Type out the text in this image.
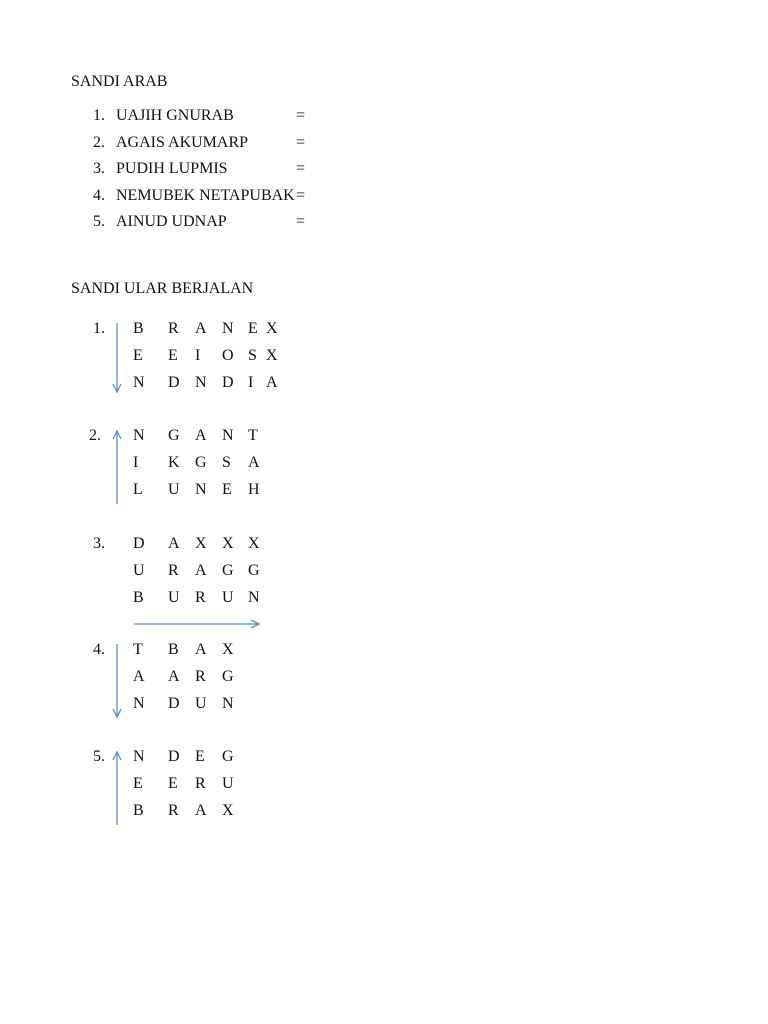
SANDI ARAB
1. UAJIH GNURAB	=
2. AGAIS AKUMARP	=
3. PUDIH LUPMIS	=
4. NEMUBEK NETAPUBAK =
5. AINUD UDNAP	=
SANDI ULAR BERJALAN
1. B R A N E X
E E I O S X
N D N D I A
2. N G A N T
I K G S A
L U N E H
3. D A X X X
U R A G G
B U R U N
4. T B A X
A A R G
N D U N
5. N D E G
E E R U
B R A X
